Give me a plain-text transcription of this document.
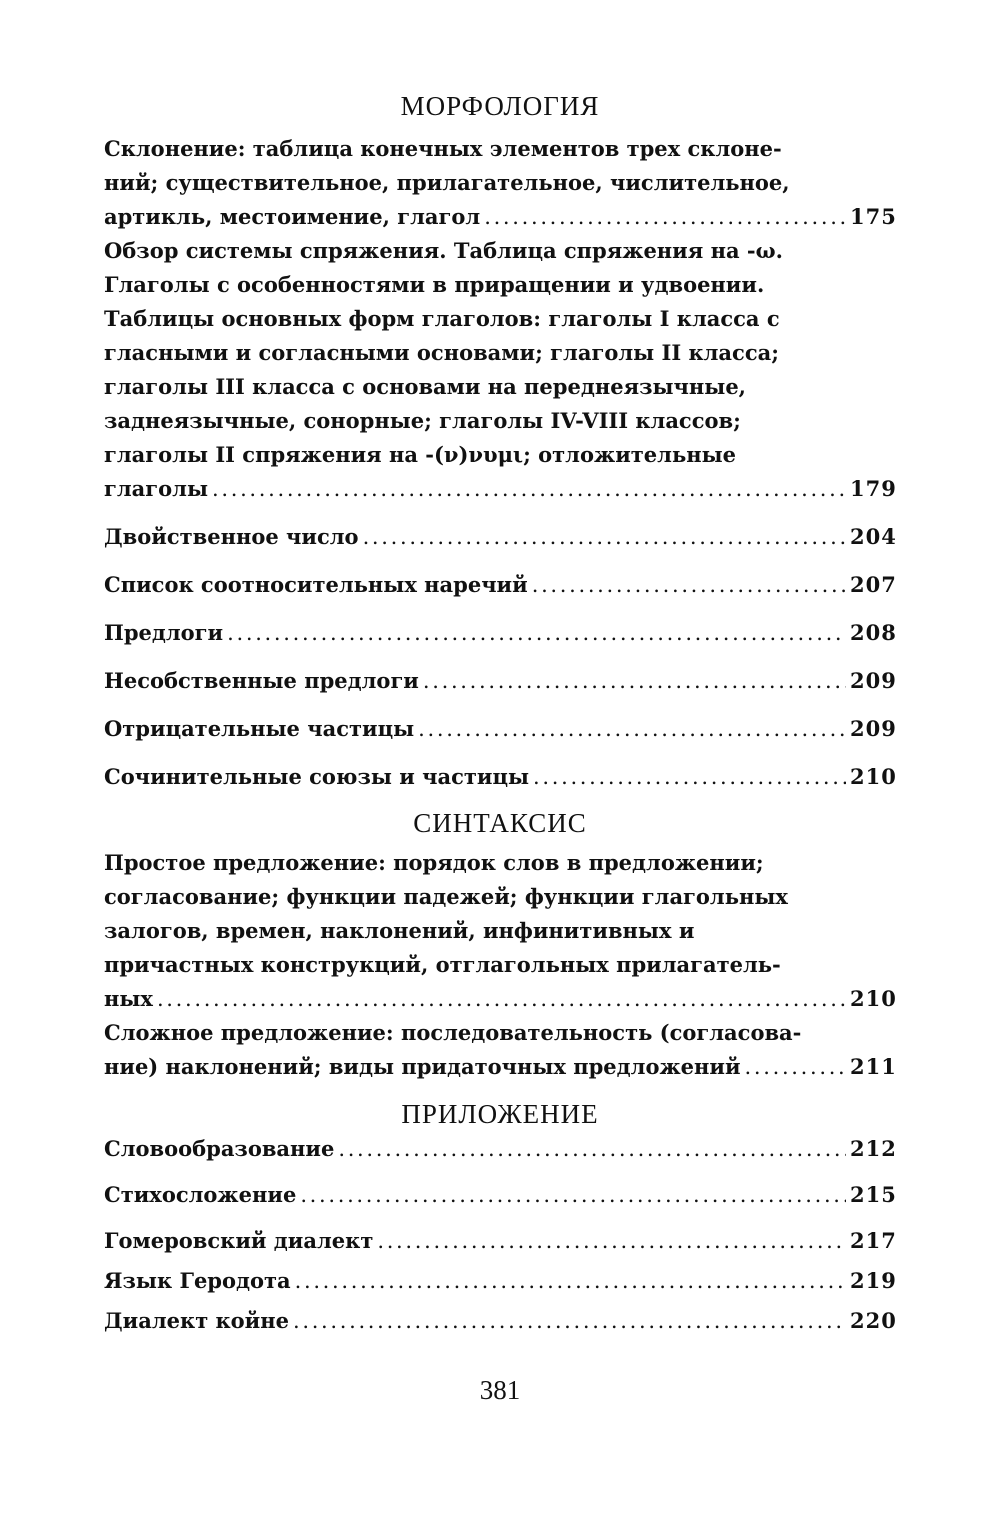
МОРФОЛОГИЯ
Склонение: таблица конечных элементов трех склоне-
ний; существительное, прилагательное, числительное,
артикль, местоимение, глагол . . .	175
Обзор системы спряжения. Таблица спряжения на -ω.
Глаголы с особенностями в приращении и удвоении.
Таблицы основных форм глаголов: глаголы I класса с
гласными и согласными основами; глаголы II класса;
глаголы III класса с основами на переднеязычные,
заднеязычные, сонорные; глаголы IV-VIII классов;
глаголы II спряжения на -(ν)νυμι; отложительные
глаголы . . .	179
Двойственное число . . .	204
Список соотносительных наречий . . .	207
Предлоги . . .	208
Несобственные предлоги . . .	209
Отрицательные частицы . . .	209
Сочинительные союзы и частицы . . .	210
СИНТАКСИС
Простое предложение: порядок слов в предложении;
согласование; функции падежей; функции глагольных
залогов, времен, наклонений, инфинитивных и
причастных конструкций, отглагольных прилагатель-
ных . . .	210
Сложное предложение: последовательность (согласова-
ние) наклонений; виды придаточных предложений . . .	211
ПРИЛОЖЕНИЕ
Словообразование . . .	212
Стихосложение . . .	215
Гомеровский диалект . . .	217
Язык Геродота . . .	219
Диалект койне . . .	220
381
